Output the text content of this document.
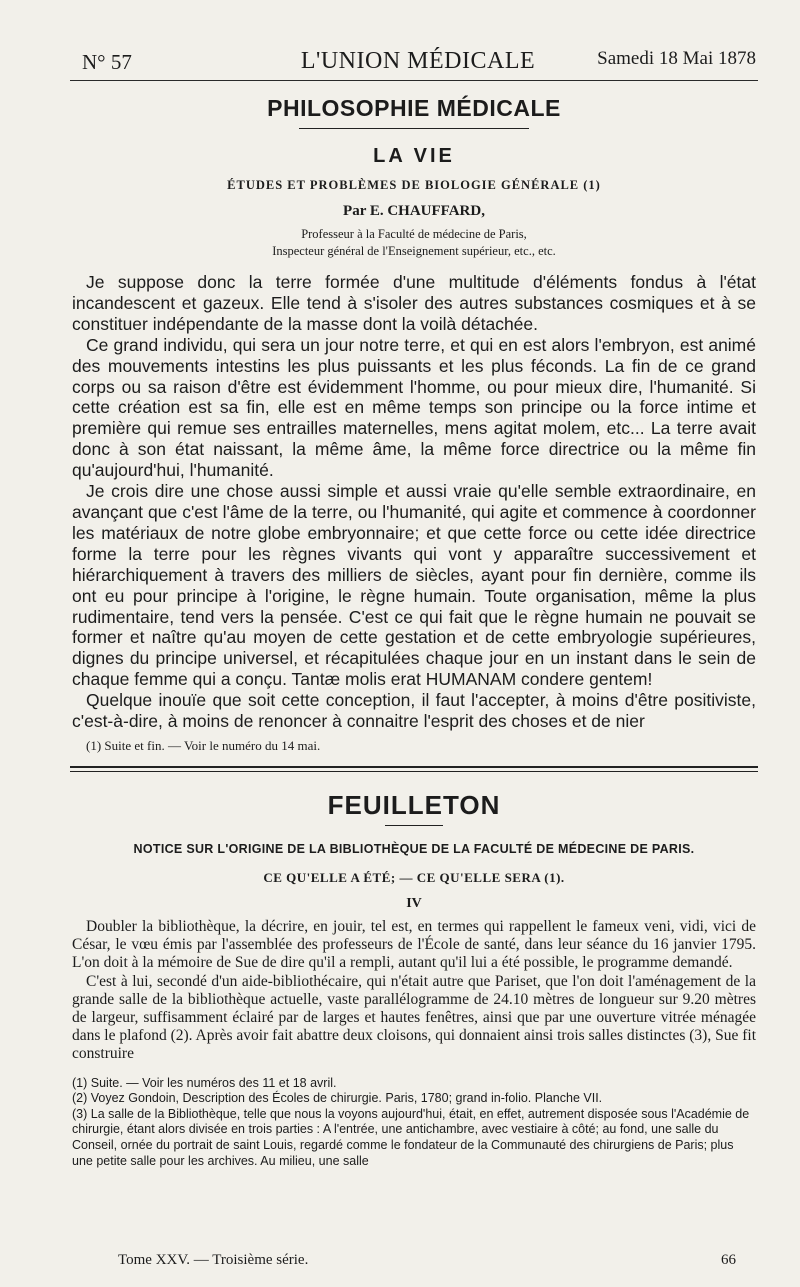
N° 57	L'UNION MÉDICALE	Samedi 18 Mai 1878
PHILOSOPHIE MÉDICALE
LA VIE
ÉTUDES ET PROBLÈMES DE BIOLOGIE GÉNÉRALE (1)
Par E. CHAUFFARD,
Professeur à la Faculté de médecine de Paris,
Inspecteur général de l'Enseignement supérieur, etc., etc.

Je suppose donc la terre formée d'une multitude d'éléments fondus à l'état incandescent et gazeux. Elle tend à s'isoler des autres substances cosmiques et à se constituer indépendante de la masse dont la voilà détachée.

Ce grand individu, qui sera un jour notre terre, et qui en est alors l'embryon, est animé des mouvements intestins les plus puissants et les plus féconds. La fin de ce grand corps ou sa raison d'être est évidemment l'homme, ou pour mieux dire, l'humanité. Si cette création est sa fin, elle est en même temps son principe ou la force intime et première qui remue ses entrailles maternelles, mens agitat molem, etc... La terre avait donc à son état naissant, la même âme, la même force directrice ou la même fin qu'aujourd'hui, l'humanité.

Je crois dire une chose aussi simple et aussi vraie qu'elle semble extraordinaire, en avançant que c'est l'âme de la terre, ou l'humanité, qui agite et commence à coordonner les matériaux de notre globe embryonnaire; et que cette force ou cette idée directrice forme la terre pour les règnes vivants qui vont y apparaître successivement et hiérarchiquement à travers des milliers de siècles, ayant pour fin dernière, comme ils ont eu pour principe à l'origine, le règne humain. Toute organisation, même la plus rudimentaire, tend vers la pensée. C'est ce qui fait que le règne humain ne pouvait se former et naître qu'au moyen de cette gestation et de cette embryologie supérieures, dignes du principe universel, et récapitulées chaque jour en un instant dans le sein de chaque femme qui a conçu. Tantæ molis erat HUMANAM condere gentem!

Quelque inouïe que soit cette conception, il faut l'accepter, à moins d'être positiviste, c'est-à-dire, à moins de renoncer à connaitre l'esprit des choses et de nier

(1) Suite et fin. — Voir le numéro du 14 mai.
FEUILLETON
NOTICE SUR L'ORIGINE DE LA BIBLIOTHÈQUE DE LA FACULTÉ DE MÉDECINE DE PARIS.
CE QU'ELLE A ÉTÉ; — CE QU'ELLE SERA (1).
IV

Doubler la bibliothèque, la décrire, en jouir, tel est, en termes qui rappellent le fameux veni, vidi, vici de César, le vœu émis par l'assemblée des professeurs de l'École de santé, dans leur séance du 16 janvier 1795. L'on doit à la mémoire de Sue de dire qu'il a rempli, autant qu'il lui a été possible, le programme demandé.

C'est à lui, secondé d'un aide-bibliothécaire, qui n'était autre que Pariset, que l'on doit l'aménagement de la grande salle de la bibliothèque actuelle, vaste parallélogramme de 24.10 mètres de longueur sur 9.20 mètres de largeur, suffisamment éclairé par de larges et hautes fenêtres, ainsi que par une ouverture vitrée ménagée dans le plafond (2). Après avoir fait abattre deux cloisons, qui donnaient ainsi trois salles distinctes (3), Sue fit construire

(1) Suite. — Voir les numéros des 11 et 18 avril.
(2) Voyez Gondoin, Description des Écoles de chirurgie. Paris, 1780; grand in-folio. Planche VII.
(3) La salle de la Bibliothèque, telle que nous la voyons aujourd'hui, était, en effet, autrement disposée sous l'Académie de chirurgie, étant alors divisée en trois parties : A l'entrée, une antichambre, avec vestiaire à côté; au fond, une salle du Conseil, ornée du portrait de saint Louis, regardé comme le fondateur de la Communauté des chirurgiens de Paris; plus une petite salle pour les archives. Au milieu, une salle
Tome XXV. — Troisième série.	66
